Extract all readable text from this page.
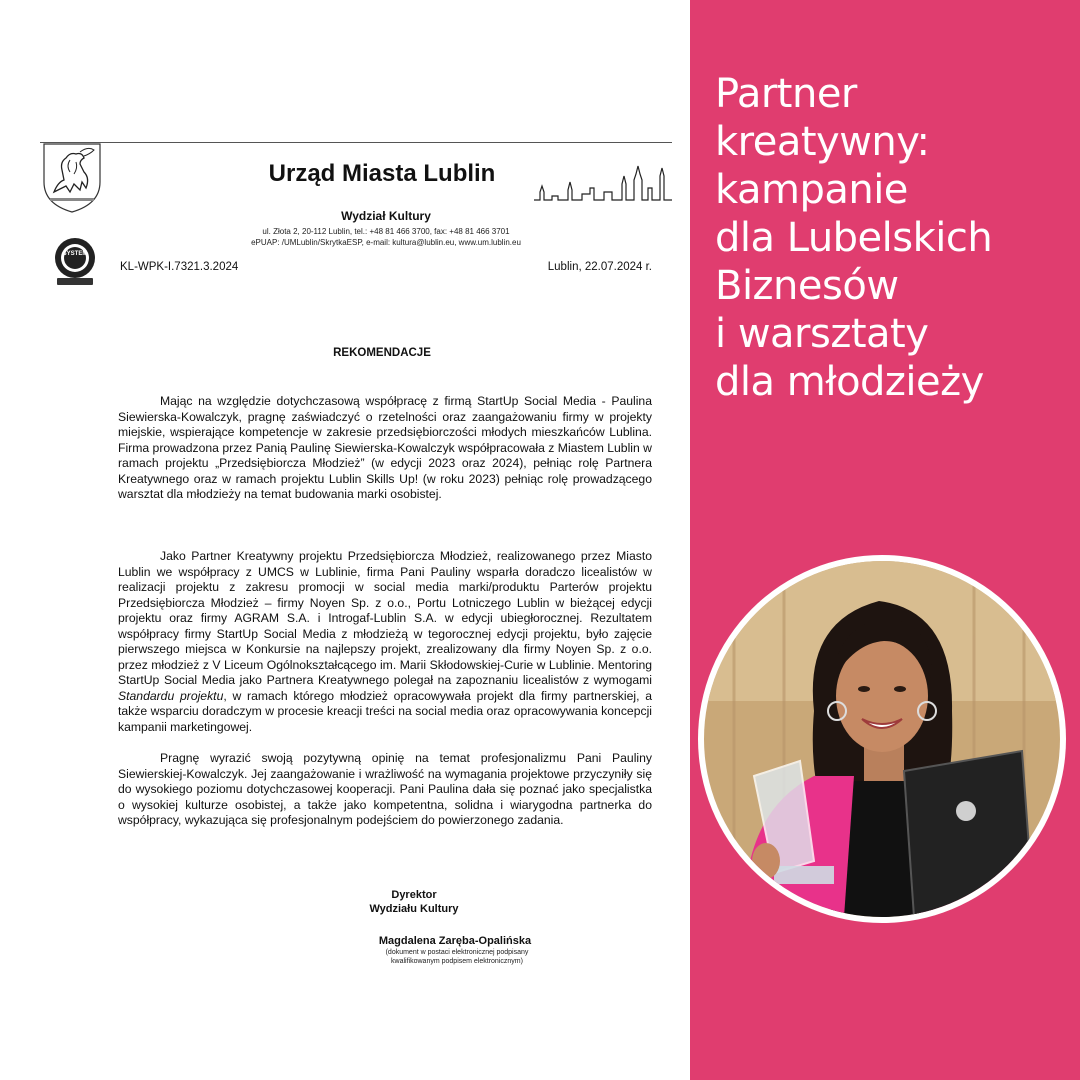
SYSTEM
Urząd Miasta Lublin
Wydział Kultury
ul. Złota 2, 20-112 Lublin, tel.: +48 81 466 3700, fax: +48 81 466 3701
ePUAP: /UMLublin/SkrytkaESP, e-mail: kultura@lublin.eu, www.um.lublin.eu
KL-WPK-I.7321.3.2024	Lublin, 22.07.2024 r.
REKOMENDACJE

Mając na względzie dotychczasową współpracę z firmą StartUp Social Media - Paulina Siewierska-Kowalczyk, pragnę zaświadczyć o rzetelności oraz zaangażowaniu firmy w projekty miejskie, wspierające kompetencje w zakresie przedsiębiorczości młodych mieszkańców Lublina. Firma prowadzona przez Panią Paulinę Siewierska-Kowalczyk współpracowała z Miastem Lublin w ramach projektu „Przedsiębiorcza Młodzież” (w edycji 2023 oraz 2024), pełniąc rolę Partnera Kreatywnego oraz w ramach projektu Lublin Skills Up! (w roku 2023) pełniąc rolę prowadzącego warsztat dla młodzieży na temat budowania marki osobistej.

Jako Partner Kreatywny projektu Przedsiębiorcza Młodzież, realizowanego przez Miasto Lublin we współpracy z UMCS w Lublinie, firma Pani Pauliny wsparła doradczo licealistów w realizacji projektu z zakresu promocji w social media marki/produktu Parterów projektu Przedsiębiorcza Młodzież – firmy Noyen Sp. z o.o., Portu Lotniczego Lublin w bieżącej edycji projektu oraz firmy AGRAM S.A. i Introgaf-Lublin S.A. w edycji ubiegłorocznej. Rezultatem współpracy firmy StartUp Social Media z młodzieżą w tegorocznej edycji projektu, było zajęcie pierwszego miejsca w Konkursie na najlepszy projekt, zrealizowany dla firmy Noyen Sp. z o.o. przez młodzież z V Liceum Ogólnokształcącego im. Marii Skłodowskiej-Curie w Lublinie. Mentoring StartUp Social Media jako Partnera Kreatywnego polegał na zapoznaniu licealistów z wymogami Standardu projektu, w ramach którego młodzież opracowywała projekt dla firmy partnerskiej, a także wsparciu doradczym w procesie kreacji treści na social media oraz opracowywania koncepcji kampanii marketingowej.

Pragnę wyrazić swoją pozytywną opinię na temat profesjonalizmu Pani Pauliny Siewierskiej-Kowalczyk. Jej zaangażowanie i wrażliwość na wymagania projektowe przyczyniły się do wysokiego poziomu dotychczasowej kooperacji. Pani Paulina dała się poznać jako specjalistka o wysokiej kulturze osobistej, a także jako kompetentna, solidna i wiarygodna partnerka do współpracy, wykazująca się profesjonalnym podejściem do powierzonego zadania.

Dyrektor
Wydziału Kultury
Magdalena Zaręba-Opalińska
(dokument w postaci elektronicznej podpisany
kwalifikowanym podpisem elektronicznym)
Partner
kreatywny:
kampanie
dla Lubelskich
Biznesów
i warsztaty
dla młodzieży
